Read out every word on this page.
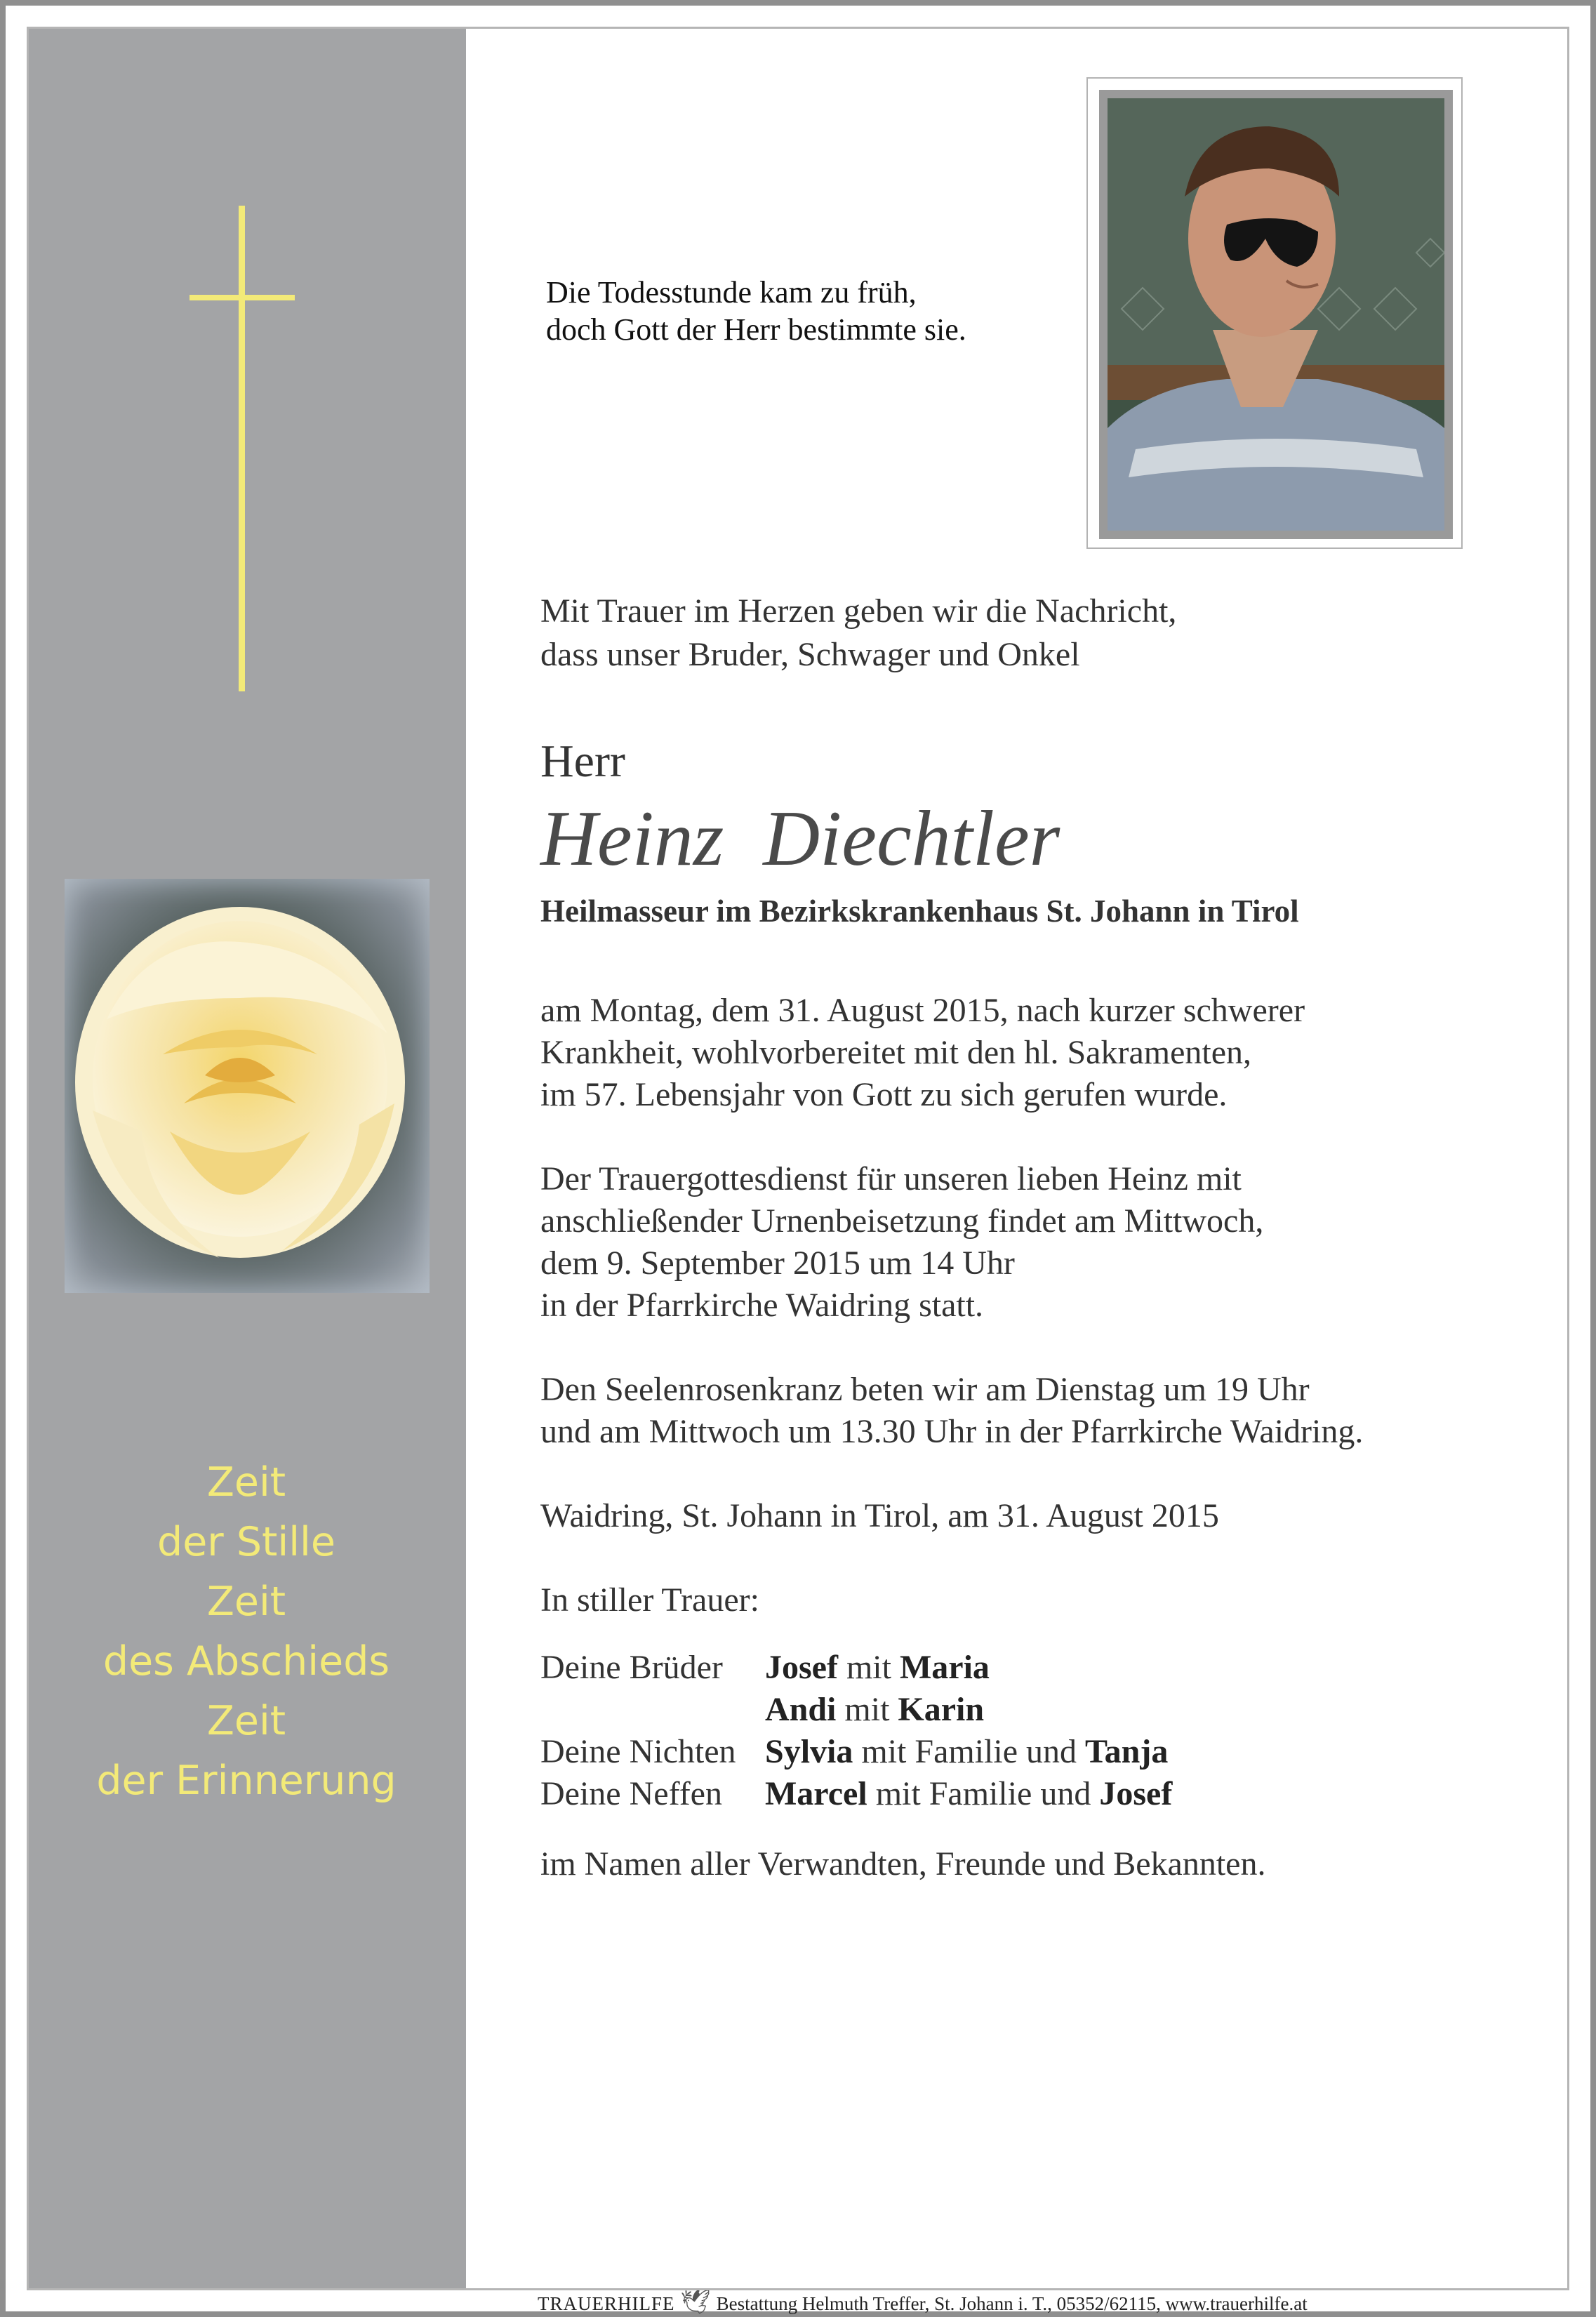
Zeit
der Stille
Zeit
des Abschieds
Zeit
der Erinnerung
Die Todesstunde kam zu früh,
doch Gott der Herr bestimmte sie.
Mit Trauer im Herzen geben wir die Nachricht,
dass unser Bruder, Schwager und Onkel
Herr
Heinz  Diechtler
Heilmasseur im Bezirkskrankenhaus St. Johann in Tirol
am Montag, dem 31. August 2015, nach kurzer schwerer
Krankheit, wohlvorbereitet mit den hl. Sakramenten,
im 57. Lebensjahr von Gott zu sich gerufen wurde.
Der Trauergottesdienst für unseren lieben Heinz mit
anschließender Urnenbeisetzung findet am Mittwoch,
dem 9. September 2015 um 14 Uhr
in der Pfarrkirche Waidring statt.
Den Seelenrosenkranz beten wir am Dienstag um 19 Uhr
und am Mittwoch um 13.30 Uhr in der Pfarrkirche Waidring.
Waidring, St. Johann in Tirol, am 31. August 2015
In stiller Trauer:
Deine Brüder	Josef mit Maria
	Andi mit Karin
Deine Nichten	Sylvia mit Familie und Tanja
Deine Neffen	Marcel mit Familie und Josef
im Namen aller Verwandten, Freunde und Bekannten.
TRAUERHILFE 🕊︎ Bestattung Helmuth Treffer, St. Johann i. T., 05352/62115, www.trauerhilfe.at
